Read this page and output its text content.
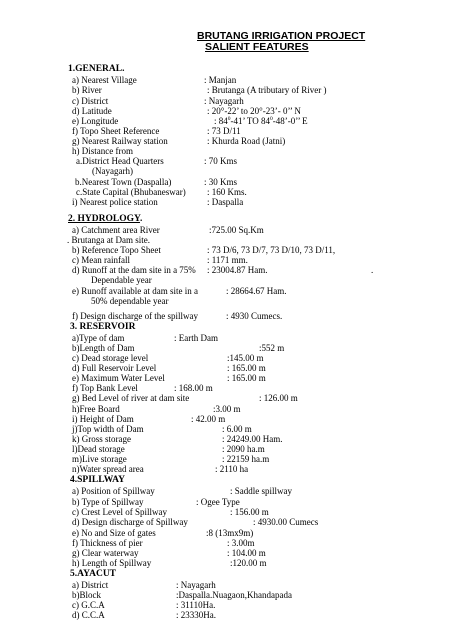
BRUTANG IRRIGATION PROJECT
SALIENT FEATURES
1.GENERAL.
a) Nearest Village	: Manjan
b) River	: Brutanga (A tributary of River )
c) District	: Nayagarh
d) Latitude	: 20°-22’ to 20°-23’- 0’’ N
e) Longitude	: $84^0-41$’ TO $84^0-48’-0$’’ E
f) Topo Sheet Reference	: 73 D/11
g) Nearest Railway station	: Khurda Road (Jatni)
h) Distance from
a.District Head Quarters	: 70 Kms
(Nayagarh)
b.Nearest Town (Daspalla)	: 30 Kms
c.State Capital (Bhubaneswar) : 160 Kms.
i) Nearest police station	: Daspalla
2. HYDROLOGY.
a) Catchment area River	:725.00 Sq.Km
. Brutanga at Dam site.
b) Reference Topo Sheet	: 73 D/6, 73 D/7, 73 D/10, 73 D/11,
c) Mean rainfall	: 1171 mm.
d) Runoff at the dam site in a 75% : 23004.87 Ham.	.
Dependable year
e) Runoff available at dam site in a	: 28664.67 Ham.
50% dependable year
f) Design discharge of the spillway	: 4930 Cumecs.
3. RESERVOIR
a)Type of dam	: Earth Dam
b)Length of Dam	:552 m
c) Dead storage level	:145.00 m
d) Full Reservoir Level	: 165.00 m
e) Maximum Water Level	: 165.00 m
f) Top Bank Level	: 168.00 m
g) Bed Level of river at dam site	: 126.00 m
h)Free Board	:3.00 m
i) Height of Dam	: 42.00 m
j)Top width of Dam	: 6.00 m
k) Gross storage	: 24249.00 Ham.
l)Dead storage	: 2090 ha.m
m)Live storage	: 22159 ha.m
n)Water spread area	: 2110 ha
4.SPILLWAY
a) Position of Spillway	: Saddle spillway
b) Type of Spillway	: Ogee Type
c) Crest Level of Spillway	: 156.00 m
d) Design discharge of Spillway	: 4930.00 Cumecs
e) No and Size of gates	:8 (13mx9m)
f) Thickness of pier	: 3.00m
g) Clear waterway	: 104.00 m
h) Length of Spillway	:120.00 m
5.AYACUT
a) District	: Nayagarh
b)Block	:Daspalla.Nuagaon,Khandapada
c) G.C.A	: 31110Ha.
d) C.C.A	: 23330Ha.
